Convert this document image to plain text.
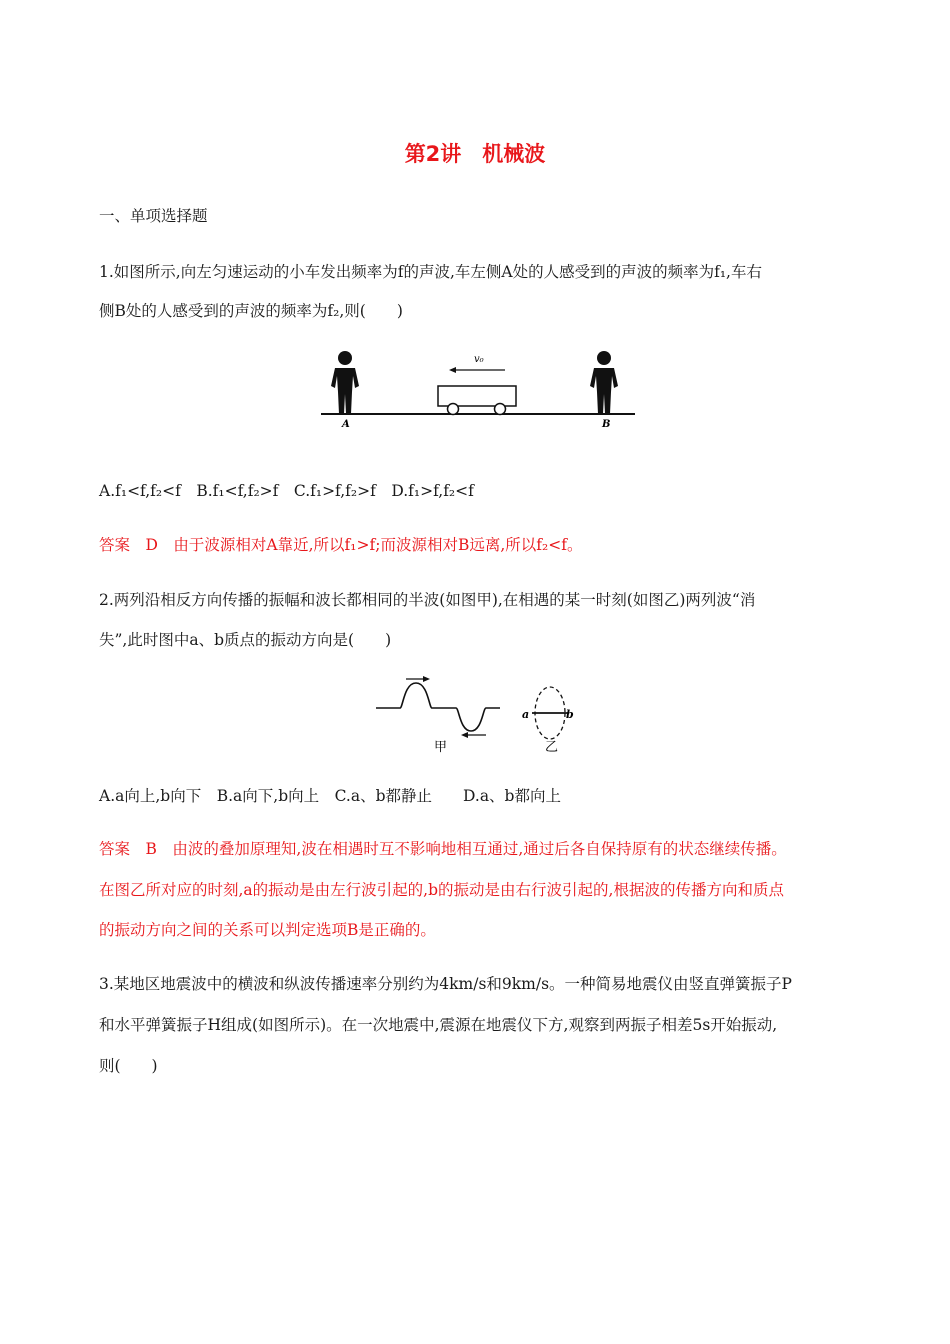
第2讲　机械波
一、单项选择题
1.如图所示,向左匀速运动的小车发出频率为f的声波,车左侧A处的人感受到的声波的频率为f₁,车右
侧B处的人感受到的声波的频率为f₂,则(　　)
v₀
A	B
A.f₁<f,f₂<f　B.f₁<f,f₂>f　C.f₁>f,f₂>f　D.f₁>f,f₂<f
答案　D　由于波源相对A靠近,所以f₁>f;而波源相对B远离,所以f₂<f。
2.两列沿相反方向传播的振幅和波长都相同的半波(如图甲),在相遇的某一时刻(如图乙)两列波“消
失”,此时图中a、b质点的振动方向是(　　)
甲
a	b
乙
A.a向上,b向下　B.a向下,b向上　C.a、b都静止　　D.a、b都向上
答案　B　由波的叠加原理知,波在相遇时互不影响地相互通过,通过后各自保持原有的状态继续传播。
在图乙所对应的时刻,a的振动是由左行波引起的,b的振动是由右行波引起的,根据波的传播方向和质点
的振动方向之间的关系可以判定选项B是正确的。
3.某地区地震波中的横波和纵波传播速率分别约为4km/s和9km/s。一种简易地震仪由竖直弹簧振子P
和水平弹簧振子H组成(如图所示)。在一次地震中,震源在地震仪下方,观察到两振子相差5s开始振动,
则(　　)
